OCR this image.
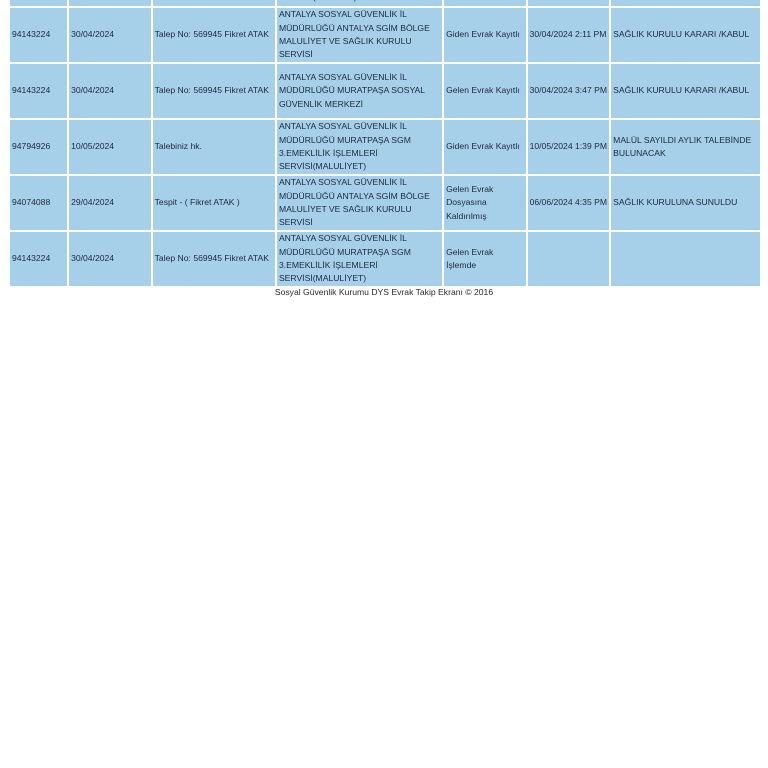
94143224	30/04/2024	Talep No: 569945 Fikret ATAK	ANTALYA SOSYAL GÜVENLİK İL MÜDÜRLÜĞÜ ANTALYA SGİM BÖLGE MALULİYET VE SAĞLIK KURULU SERVİSİ	Giden Evrak Kayıtlı	30/04/2024 2:11 PM	SAĞLIK KURULU KARARI /KABUL
94143224	30/04/2024	Talep No: 569945 Fikret ATAK	ANTALYA SOSYAL GÜVENLİK İL MÜDÜRLÜĞÜ MURATPAŞA SOSYAL GÜVENLİK MERKEZİ	Gelen Evrak Kayıtlı	30/04/2024 3:47 PM	SAĞLIK KURULU KARARI /KABUL
94794926	10/05/2024	Talebiniz hk.	ANTALYA SOSYAL GÜVENLİK İL MÜDÜRLÜĞÜ MURATPAŞA SGM 3.EMEKLİLİK İŞLEMLERİ SERVİSİ(MALULİYET)	Giden Evrak Kayıtlı	10/05/2024 1:39 PM	MALÜL SAYILDI AYLIK TALEBİNDE BULUNACAK
94074088	29/04/2024	Tespit - ( Fikret ATAK )	ANTALYA SOSYAL GÜVENLİK İL MÜDÜRLÜĞÜ ANTALYA SGİM BÖLGE MALULİYET VE SAĞLIK KURULU SERVİSİ	Gelen Evrak Dosyasına Kaldırılmış	06/06/2024 4:35 PM	SAĞLIK KURULUNA SUNULDU
94143224	30/04/2024	Talep No: 569945 Fikret ATAK	ANTALYA SOSYAL GÜVENLİK İL MÜDÜRLÜĞÜ MURATPAŞA SGM 3.EMEKLİLİK İŞLEMLERİ SERVİSİ(MALULİYET)	Gelen Evrak İşlemde		
Sosyal Güvenlik Kurumu DYS Evrak Takip Ekranı © 2016
